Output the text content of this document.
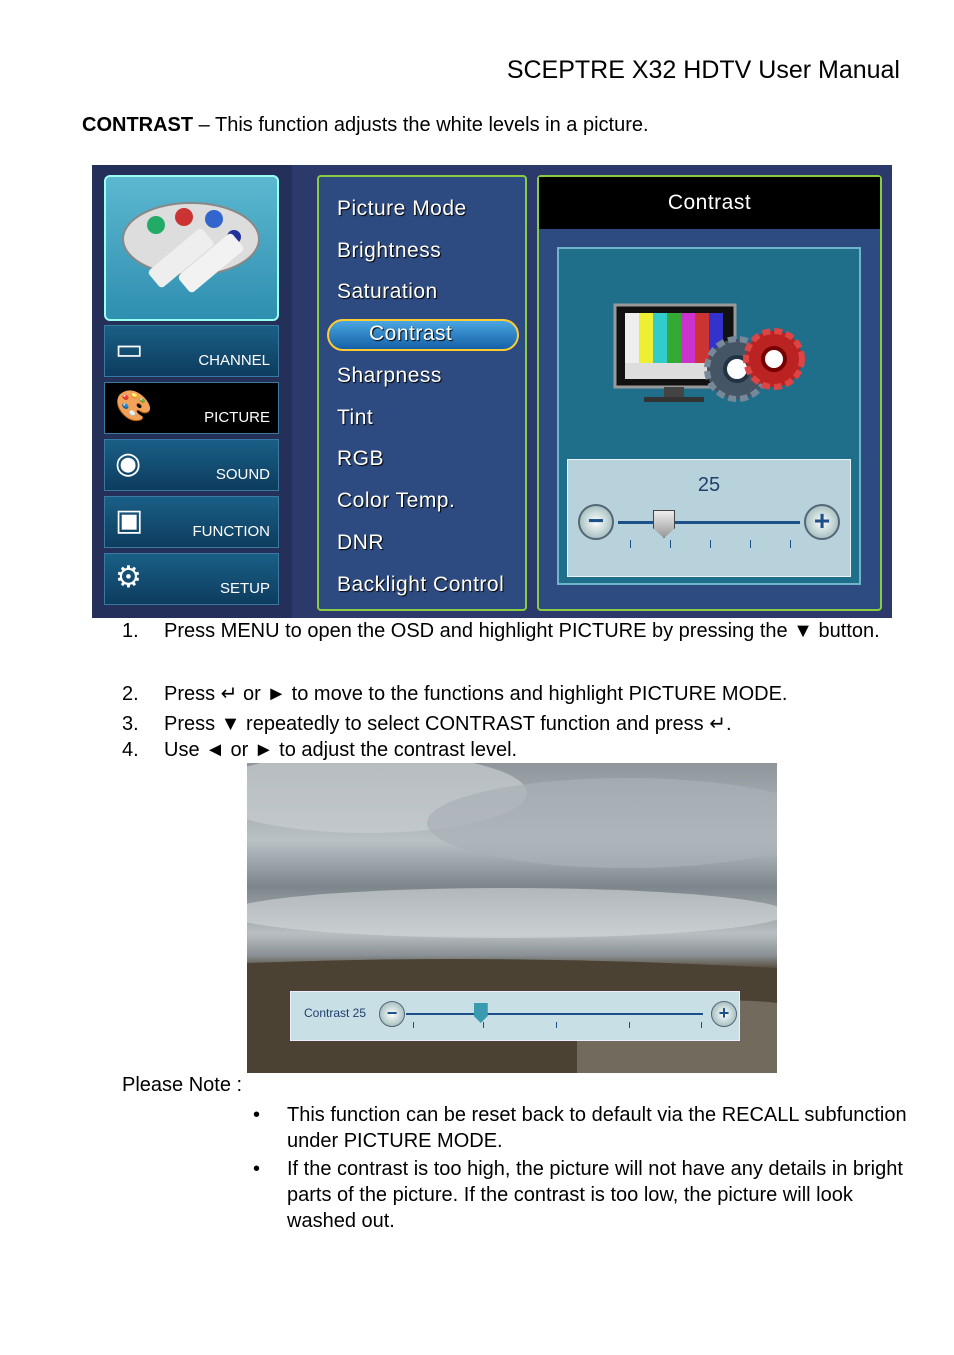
SCEPTRE X32 HDTV User Manual
CONTRAST – This function adjusts the white levels in a picture.
▭	CHANNEL
🎨	PICTURE
◉	SOUND
▣	FUNCTION
⚙	SETUP
Picture Mode
Brightness
Saturation
Contrast
Sharpness
Tint
RGB
Color Temp.
DNR
Backlight Control
Contrast
25
−	+
1. Press MENU to open the OSD and highlight PICTURE by pressing the ▼ button.
2. Press ↵ or ► to move to the functions and highlight PICTURE MODE.
3. Press ▼ repeatedly to select CONTRAST function and press ↵.
4. Use ◄ or ► to adjust the contrast level.
Contrast 25	−	+
Please Note :
• This function can be reset back to default via the RECALL subfunction under PICTURE MODE.
• If the contrast is too high, the picture will not have any details in bright parts of the picture. If the contrast is too low, the picture will look washed out.
